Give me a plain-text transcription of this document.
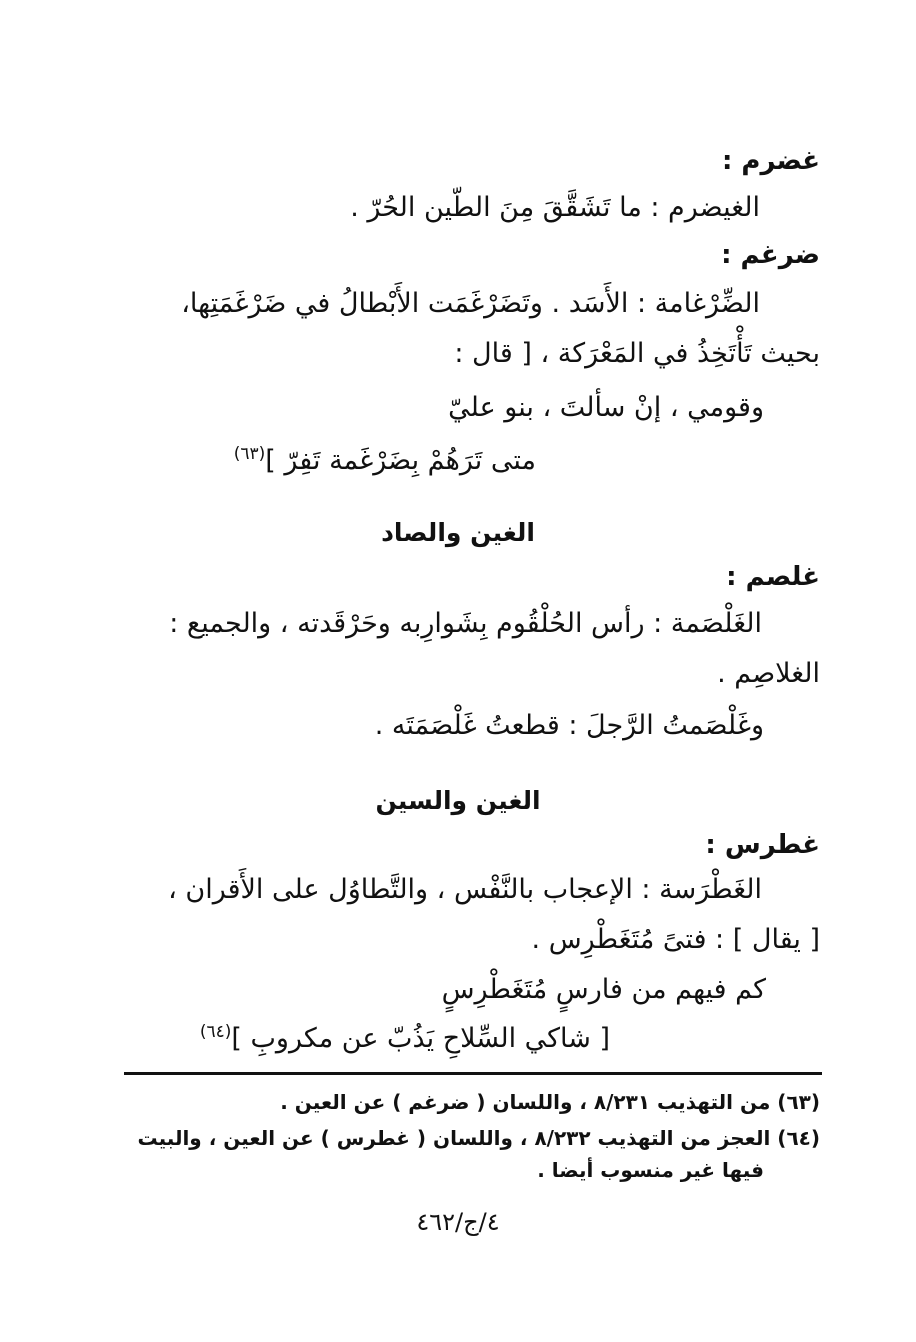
غضرم :
الغيضرم : ما تَشَقَّقَ مِنَ الطّين الحُرّ .
ضرغم :
الضِّرْغامة : الأَسَد . وتَضَرْغَمَت الأَبْطالُ في ضَرْغَمَتِها،
بحيث تَأْتَخِذُ في المَعْرَكة ، [ قال :
وقومي ، إنْ سألتَ ، بنو عليّ
متى تَرَهُمْ بِضَرْغَمة تَفِرّ ]$^{(٦٣)}$
الغين والصاد
غلصم :
الغَلْصَمة : رأس الحُلْقُوم بِشَوارِبه وحَرْقَدته ، والجميع :
الغلاصِم .
وغَلْصَمتُ الرَّجلَ : قطعتُ غَلْصَمَتَه .
الغين والسين
غطرس :
الغَطْرَسة : الإعجاب بالنَّفْس ، والتَّطاوُل على الأَقران ،
[ يقال ] : فتىً مُتَغَطْرِس .
كم فيهم من فارسٍ مُتَغَطْرِسٍ
[ شاكي السِّلاحِ يَذُبّ عن مكروبِ ]$^{(٦٤)}$
(٦٣) من التهذيب ٨/٢٣١ ، واللسان ( ضرغم ) عن العين .
(٦٤) العجز من التهذيب ٨/٢٣٢ ، واللسان ( غطرس ) عن العين ، والبيت
فيها غير منسوب أيضا .
٤/ج/٤٦٢
